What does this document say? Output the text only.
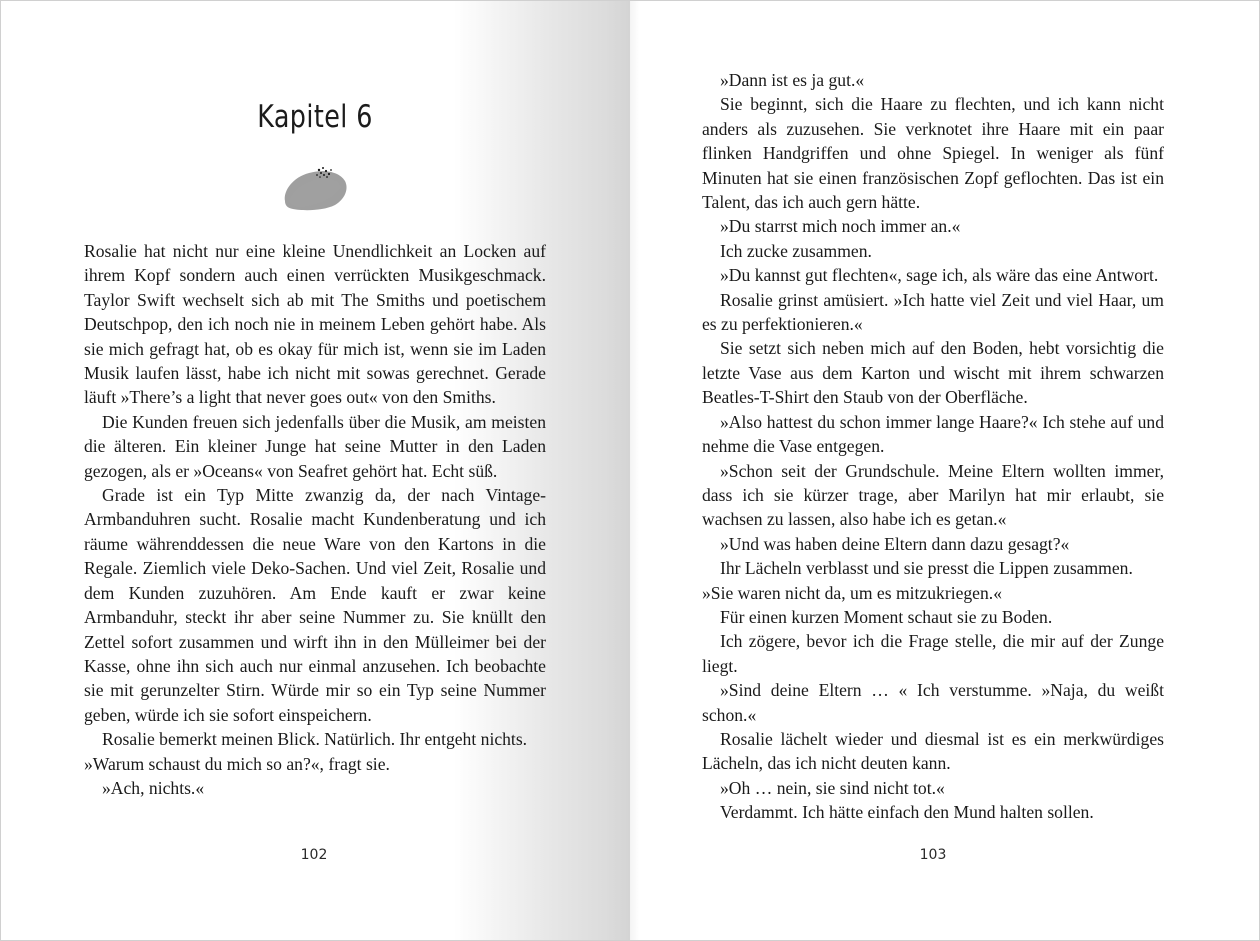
Kapitel 6

Rosalie hat nicht nur eine kleine Unendlichkeit an Locken auf ihrem Kopf sondern auch einen verrückten Musikgeschmack. Taylor Swift wechselt sich ab mit The Smiths und poetischem Deutschpop, den ich noch nie in meinem Leben gehört habe. Als sie mich gefragt hat, ob es okay für mich ist, wenn sie im Laden Musik laufen lässt, habe ich nicht mit sowas gerechnet. Gerade läuft »There’s a light that never goes out« von den Smiths.

Die Kunden freuen sich jedenfalls über die Musik, am meisten die älteren. Ein kleiner Junge hat seine Mutter in den Laden gezogen, als er »Oceans« von Seafret gehört hat. Echt süß.

Grade ist ein Typ Mitte zwanzig da, der nach Vintage-Armbanduhren sucht. Rosalie macht Kundenberatung und ich räume währenddessen die neue Ware von den Kartons in die Regale. Ziemlich viele Deko-Sachen. Und viel Zeit, Rosalie und dem Kunden zuzuhören. Am Ende kauft er zwar keine Armbanduhr, steckt ihr aber seine Nummer zu. Sie knüllt den Zettel sofort zusammen und wirft ihn in den Mülleimer bei der Kasse, ohne ihn sich auch nur einmal anzusehen. Ich beobachte sie mit gerunzelter Stirn. Würde mir so ein Typ seine Nummer geben, würde ich sie sofort einspeichern.

Rosalie bemerkt meinen Blick. Natürlich. Ihr entgeht nichts.

»Warum schaust du mich so an?«, fragt sie.

»Ach, nichts.«

102

»Dann ist es ja gut.«

Sie beginnt, sich die Haare zu flechten, und ich kann nicht anders als zuzusehen. Sie verknotet ihre Haare mit ein paar flinken Handgriffen und ohne Spiegel. In weniger als fünf Minuten hat sie einen französischen Zopf geflochten. Das ist ein Talent, das ich auch gern hätte.

»Du starrst mich noch immer an.«

Ich zucke zusammen.

»Du kannst gut flechten«, sage ich, als wäre das eine Antwort.

Rosalie grinst amüsiert. »Ich hatte viel Zeit und viel Haar, um es zu perfektionieren.«

Sie setzt sich neben mich auf den Boden, hebt vorsichtig die letzte Vase aus dem Karton und wischt mit ihrem schwarzen Beatles-T-Shirt den Staub von der Oberfläche.

»Also hattest du schon immer lange Haare?« Ich stehe auf und nehme die Vase entgegen.

»Schon seit der Grundschule. Meine Eltern wollten immer, dass ich sie kürzer trage, aber Marilyn hat mir erlaubt, sie wachsen zu lassen, also habe ich es getan.«

»Und was haben deine Eltern dann dazu gesagt?«

Ihr Lächeln verblasst und sie presst die Lippen zusammen.

»Sie waren nicht da, um es mitzukriegen.«

Für einen kurzen Moment schaut sie zu Boden.

Ich zögere, bevor ich die Frage stelle, die mir auf der Zunge liegt.

»Sind deine Eltern … « Ich verstumme. »Naja, du weißt schon.«

Rosalie lächelt wieder und diesmal ist es ein merkwürdiges Lächeln, das ich nicht deuten kann.

»Oh … nein, sie sind nicht tot.«

Verdammt. Ich hätte einfach den Mund halten sollen.

103
